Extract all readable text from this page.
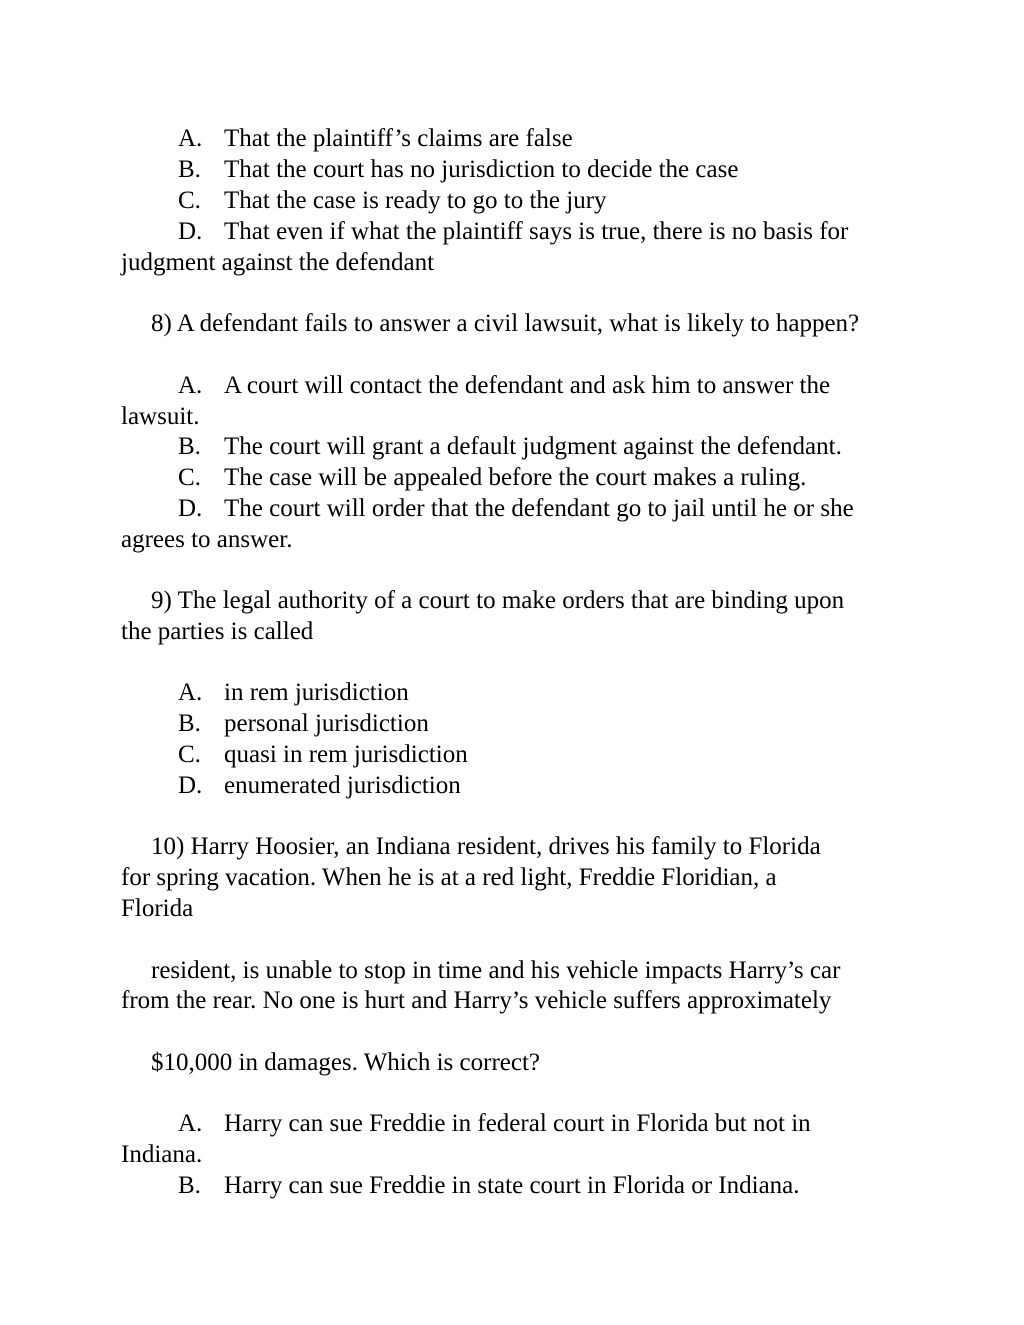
A. That the plaintiff’s claims are false
B. That the court has no jurisdiction to decide the case
C. That the case is ready to go to the jury
D. That even if what the plaintiff says is true, there is no basis for
judgment against the defendant
8) A defendant fails to answer a civil lawsuit, what is likely to happen?
A. A court will contact the defendant and ask him to answer the
lawsuit.
B. The court will grant a default judgment against the defendant.
C. The case will be appealed before the court makes a ruling.
D. The court will order that the defendant go to jail until he or she
agrees to answer.
9) The legal authority of a court to make orders that are binding upon
the parties is called
A. in rem jurisdiction
B. personal jurisdiction
C. quasi in rem jurisdiction
D. enumerated jurisdiction
10) Harry Hoosier, an Indiana resident, drives his family to Florida
for spring vacation. When he is at a red light, Freddie Floridian, a
Florida
resident, is unable to stop in time and his vehicle impacts Harry’s car
from the rear. No one is hurt and Harry’s vehicle suffers approximately
$10,000 in damages. Which is correct?
A. Harry can sue Freddie in federal court in Florida but not in
Indiana.
B. Harry can sue Freddie in state court in Florida or Indiana.
